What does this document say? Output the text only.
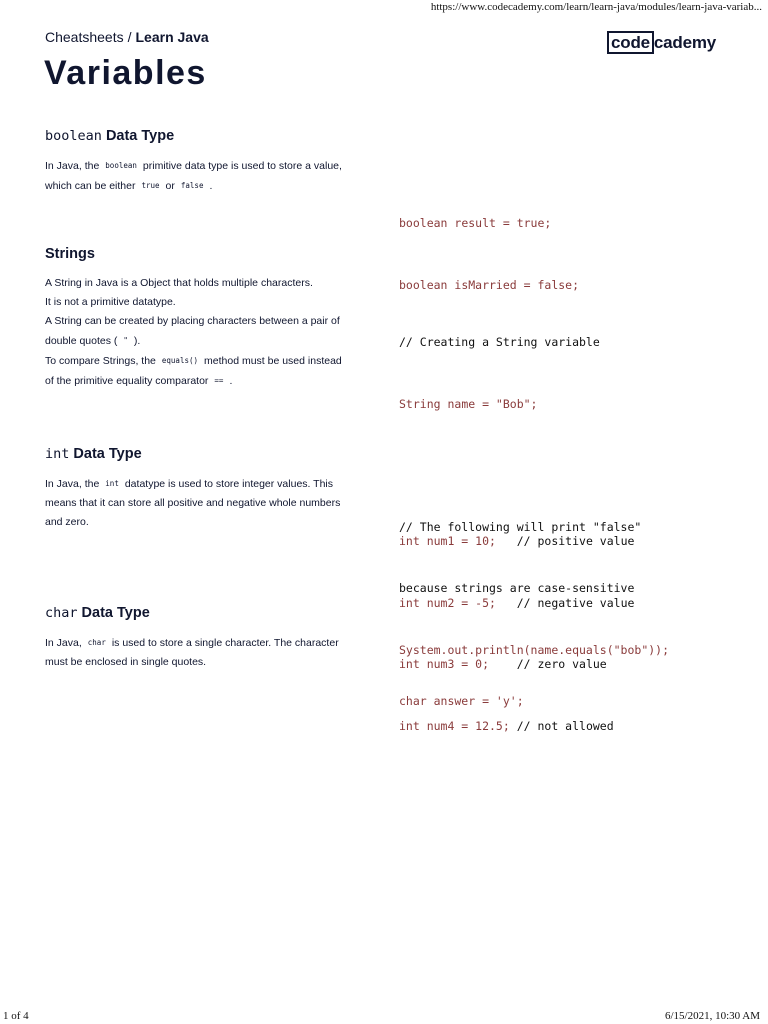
https://www.codecademy.com/learn/learn-java/modules/learn-java-variab...
Cheatsheets / Learn Java	code cademy
Variables
boolean Data Type

In Java, the boolean primitive data type is used to store a value, which can be either true or false .

boolean result = true;

boolean isMarried = false;

Strings

A String in Java is a Object that holds multiple characters.

It is not a primitive datatype.

A String can be created by placing characters between a pair of double quotes ( " ).

To compare Strings, the equals() method must be used instead of the primitive equality comparator == .

// Creating a String variable

String name = "Bob";

// The following will print "false"

because strings are case-sensitive

System.out.println(name.equals("bob"));

int Data Type

In Java, the int datatype is used to store integer values. This means that it can store all positive and negative whole numbers and zero.

int num1 = 10; // positive value

int num2 = -5; // negative value

int num3 = 0; // zero value

int num4 = 12.5; // not allowed

char Data Type

In Java, char is used to store a single character. The character must be enclosed in single quotes.

char answer = 'y';

1 of 4	6/15/2021, 10:30 AM
